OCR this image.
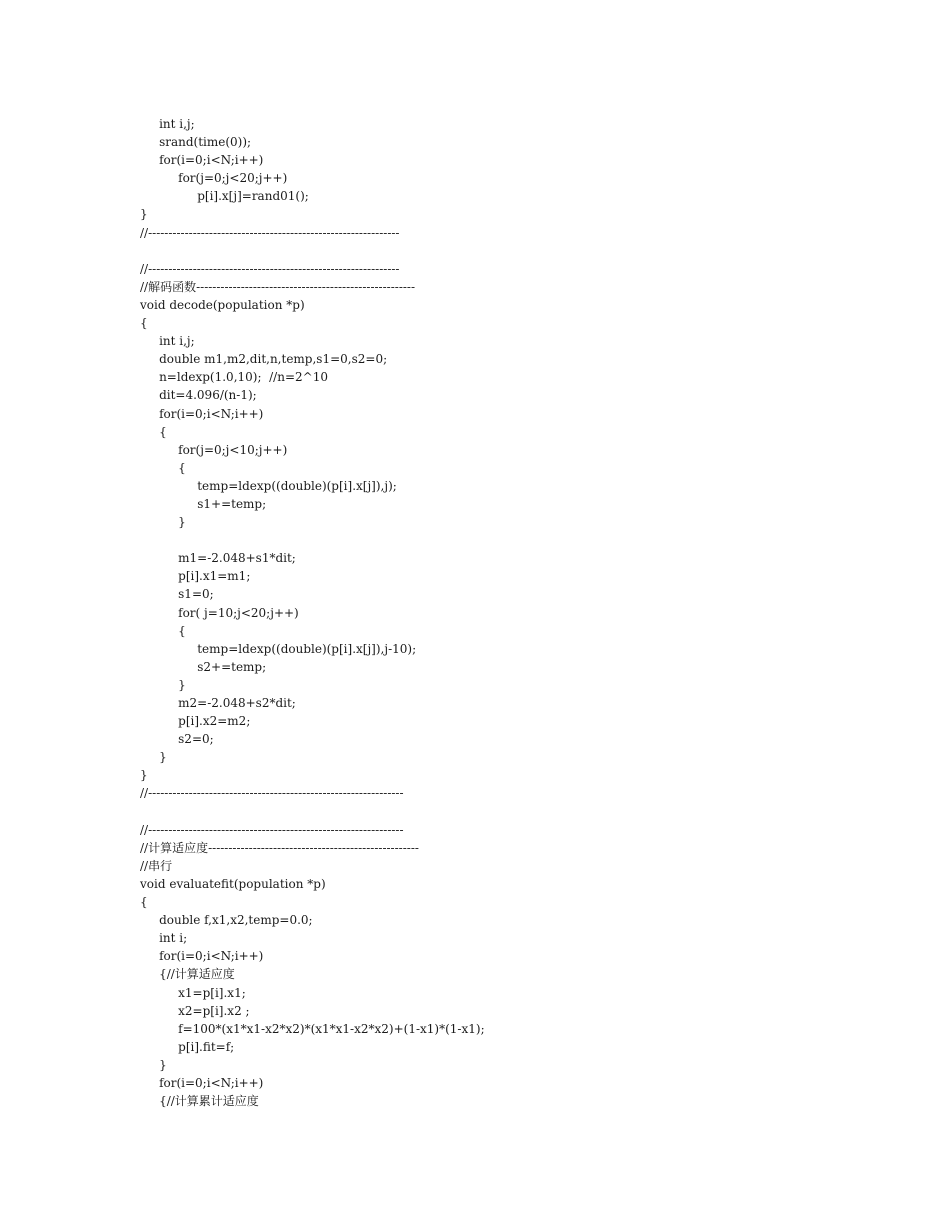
int i,j;
srand(time(0));
for(i=0;i<N;i++)
for(j=0;j<20;j++)
p[i].x[j]=rand01();
}
//--------------------------------------------------------------
//--------------------------------------------------------------
//解码函数------------------------------------------------------
void decode(population *p)
{
int i,j;
double m1,m2,dit,n,temp,s1=0,s2=0;
n=ldexp(1.0,10);  //n=2^10
dit=4.096/(n-1);
for(i=0;i<N;i++)
{
for(j=0;j<10;j++)
{
temp=ldexp((double)(p[i].x[j]),j);
s1+=temp;
}
m1=-2.048+s1*dit;
p[i].x1=m1;
s1=0;
for( j=10;j<20;j++)
{
temp=ldexp((double)(p[i].x[j]),j-10);
s2+=temp;
}
m2=-2.048+s2*dit;
p[i].x2=m2;
s2=0;
}
}
//---------------------------------------------------------------
//---------------------------------------------------------------
//计算适应度----------------------------------------------------
//串行
void evaluatefit(population *p)
{
double f,x1,x2,temp=0.0;
int i;
for(i=0;i<N;i++)
{//计算适应度
x1=p[i].x1;
x2=p[i].x2 ;
f=100*(x1*x1-x2*x2)*(x1*x1-x2*x2)+(1-x1)*(1-x1);
p[i].fit=f;
}
for(i=0;i<N;i++)
{//计算累计适应度
